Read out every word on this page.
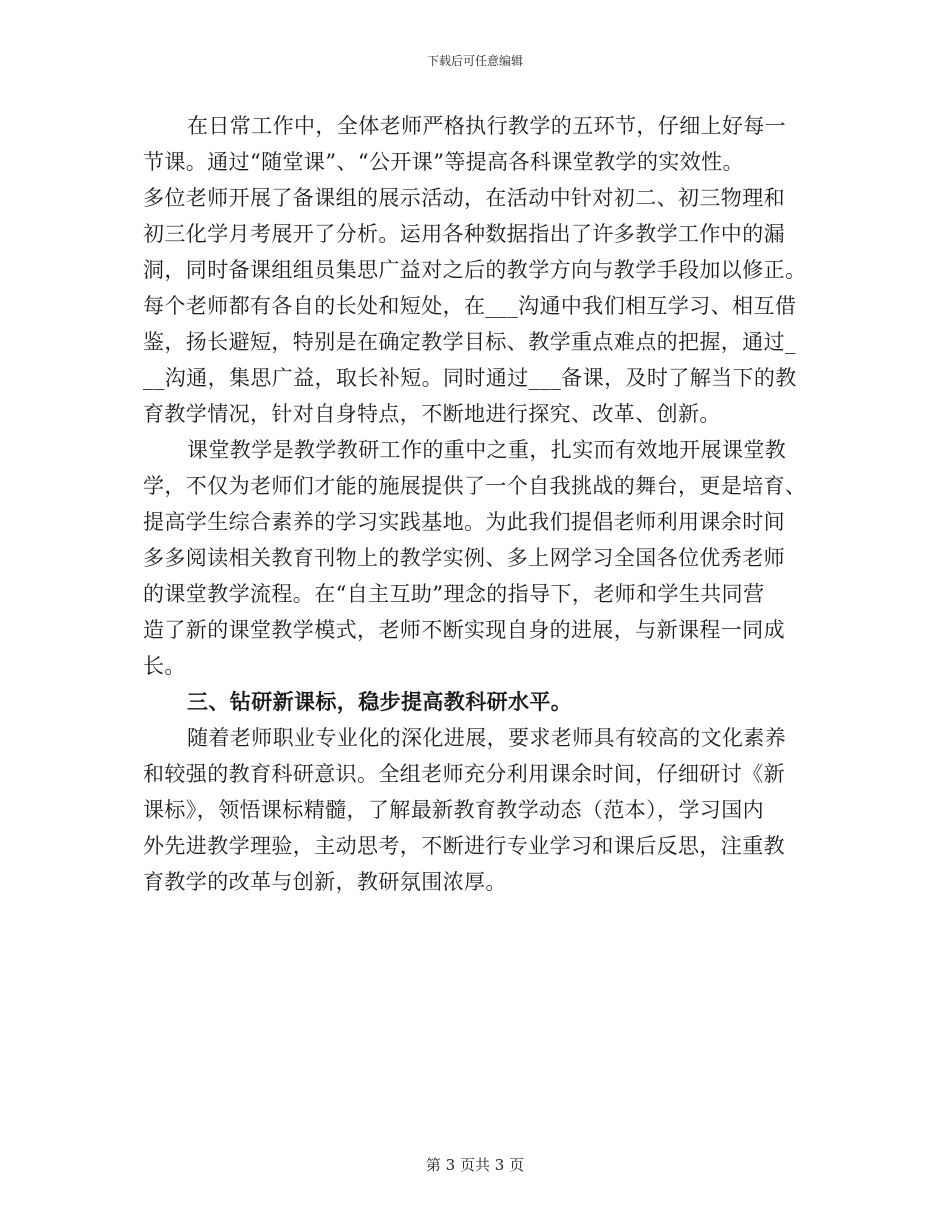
下载后可任意编辑
在日常工作中，全体老师严格执行教学的五环节，仔细上好每一
节课。通过“随堂课”、“公开课”等提高各科课堂教学的实效性。
多位老师开展了备课组的展示活动，在活动中针对初二、初三物理和
初三化学月考展开了分析。运用各种数据指出了许多教学工作中的漏
洞，同时备课组组员集思广益对之后的教学方向与教学手段加以修正。
每个老师都有各自的长处和短处，在___沟通中我们相互学习、相互借
鉴，扬长避短，特别是在确定教学目标、教学重点难点的把握，通过_
__沟通，集思广益，取长补短。同时通过___备课，及时了解当下的教
育教学情况，针对自身特点，不断地进行探究、改革、创新。
课堂教学是教学教研工作的重中之重，扎实而有效地开展课堂教
学，不仅为老师们才能的施展提供了一个自我挑战的舞台，更是培育、
提高学生综合素养的学习实践基地。为此我们提倡老师利用课余时间
多多阅读相关教育刊物上的教学实例、多上网学习全国各位优秀老师
的课堂教学流程。在“自主互助”理念的指导下，老师和学生共同营
造了新的课堂教学模式，老师不断实现自身的进展，与新课程一同成
长。
三、钻研新课标，稳步提高教科研水平。
随着老师职业专业化的深化进展，要求老师具有较高的文化素养
和较强的教育科研意识。全组老师充分利用课余时间，仔细研讨《新
课标》，领悟课标精髓，了解最新教育教学动态（范本），学习国内
外先进教学理验，主动思考，不断进行专业学习和课后反思，注重教
育教学的改革与创新，教研氛围浓厚。
第 3 页共 3 页
